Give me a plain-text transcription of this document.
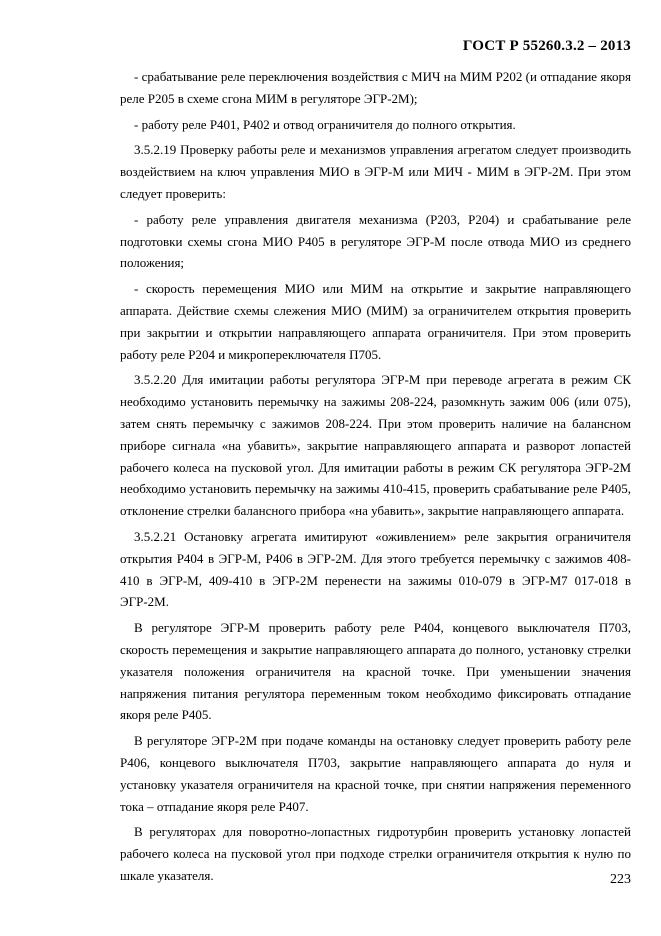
ГОСТ Р 55260.3.2 – 2013

- срабатывание реле переключения воздействия с МИЧ на МИМ Р202 (и отпадание якоря реле Р205 в схеме сгона МИМ в регуляторе ЭГР-2М);

- работу реле Р401, Р402 и отвод ограничителя до полного открытия.

3.5.2.19 Проверку работы реле и механизмов управления агрегатом следует производить воздействием на ключ управления МИО в ЭГР-М или МИЧ - МИМ в ЭГР-2М. При этом следует проверить:

- работу реле управления двигателя механизма (Р203, Р204) и срабатывание реле подготовки схемы сгона МИО Р405 в регуляторе ЭГР-М после отвода МИО из среднего положения;

- скорость перемещения МИО или МИМ на открытие и закрытие направляющего аппарата. Действие схемы слежения МИО (МИМ) за ограничителем открытия проверить при закрытии и открытии направляющего аппарата ограничителя. При этом проверить работу реле Р204 и микропереключателя П705.

3.5.2.20 Для имитации работы регулятора ЭГР-М при переводе агрегата в режим СК необходимо установить перемычку на зажимы 208-224, разомкнуть зажим 006 (или 075), затем снять перемычку с зажимов 208-224. При этом проверить наличие на балансном приборе сигнала «на убавить», закрытие направляющего аппарата и разворот лопастей рабочего колеса на пусковой угол. Для имитации работы в режим СК регулятора ЭГР-2М необходимо установить перемычку на зажимы 410-415, проверить срабатывание реле Р405, отклонение стрелки балансного прибора «на убавить», закрытие направляющего аппарата.

3.5.2.21 Остановку агрегата имитируют «оживлением» реле закрытия ограничителя открытия Р404 в ЭГР-М, Р406 в ЭГР-2М. Для этого требуется перемычку с зажимов 408-410 в ЭГР-М, 409-410 в ЭГР-2М перенести на зажимы 010-079 в ЭГР-М7 017-018 в ЭГР-2М.

В регуляторе ЭГР-М проверить работу реле Р404, концевого выключателя П703, скорость перемещения и закрытие направляющего аппарата до полного, установку стрелки указателя положения ограничителя на красной точке. При уменьшении значения напряжения питания регулятора переменным током необходимо фиксировать отпадание якоря реле Р405.

В регуляторе ЭГР-2М при подаче команды на остановку следует проверить работу реле Р406, концевого выключателя П703, закрытие направляющего аппарата до нуля и установку указателя ограничителя на красной точке, при снятии напряжения переменного тока – отпадание якоря реле Р407.

В регуляторах для поворотно-лопастных гидротурбин проверить установку лопастей рабочего колеса на пусковой угол при подходе стрелки ограничителя открытия к нулю по шкале указателя.	223
